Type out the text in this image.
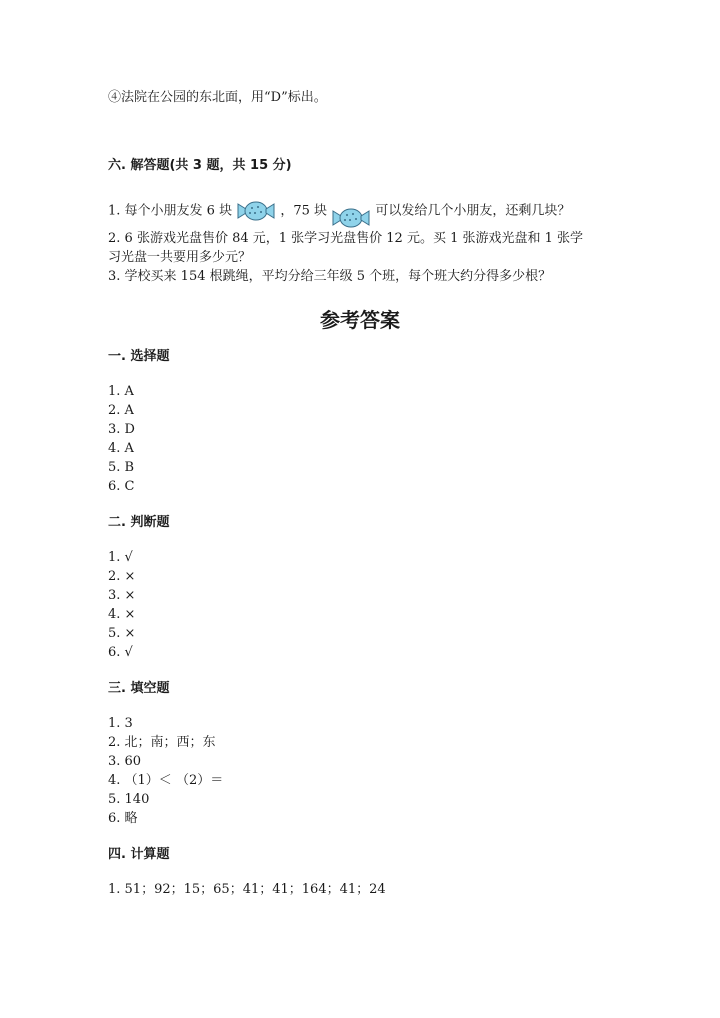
④法院在公园的东北面，用“D”标出。
六. 解答题(共 3 题，共 15 分)
1. 每个小朋友发 6 块	，75 块	可以发给几个小朋友，还剩几块？
2. 6 张游戏光盘售价 84 元，1 张学习光盘售价 12 元。买 1 张游戏光盘和 1 张学
习光盘一共要用多少元？
3. 学校买来 154 根跳绳，平均分给三年级 5 个班，每个班大约分得多少根？
参考答案
一. 选择题
1. A
2. A
3. D
4. A
5. B
6. C
二. 判断题
1. √
2. ×
3. ×
4. ×
5. ×
6. √
三. 填空题
1. 3
2. 北；南；西；东
3. 60
4. （1）＜ （2）＝
5. 140
6. 略
四. 计算题
1. 51；92；15；65；41；41；164；41；24
